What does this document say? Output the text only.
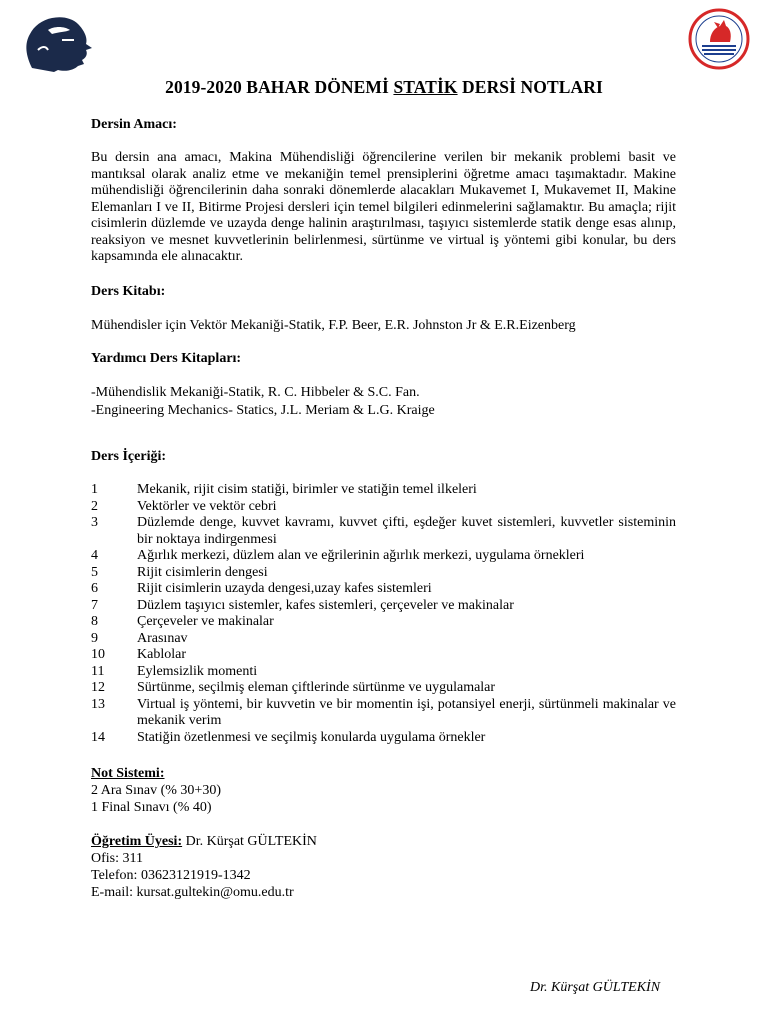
2019-2020 BAHAR DÖNEMİ STATİK DERSİ NOTLARI
Dersin Amacı:
Bu dersin ana amacı, Makina Mühendisliği öğrencilerine verilen bir mekanik problemi basit ve mantıksal olarak analiz etme ve mekaniğin temel prensiplerini öğretme amacı taşımaktadır. Makine mühendisliği öğrencilerinin daha sonraki dönemlerde alacakları Mukavemet I, Mukavemet II, Makine Elemanları I ve II, Bitirme Projesi dersleri için temel bilgileri edinmelerini sağlamaktır. Bu amaçla; rijit cisimlerin düzlemde ve uzayda denge halinin araştırılması, taşıyıcı sistemlerde statik denge esas alınıp, reaksiyon ve mesnet kuvvetlerinin belirlenmesi, sürtünme ve virtual iş yöntemi gibi konular, bu ders kapsamında ele alınacaktır.
Ders Kitabı:
Mühendisler için Vektör Mekaniği-Statik, F.P. Beer, E.R. Johnston Jr & E.R.Eizenberg
Yardımcı Ders Kitapları:
-Mühendislik Mekaniği-Statik, R. C. Hibbeler & S.C. Fan.
-Engineering Mechanics- Statics, J.L. Meriam & L.G. Kraige
Ders İçeriği:
1	Mekanik, rijit cisim statiği, birimler ve statiğin temel ilkeleri
2	Vektörler ve vektör cebri
3	Düzlemde denge, kuvvet kavramı, kuvvet çifti, eşdeğer kuvet sistemleri, kuvvetler sisteminin bir noktaya indirgenmesi
4	Ağırlık merkezi, düzlem alan ve eğrilerinin ağırlık merkezi, uygulama örnekleri
5	Rijit cisimlerin dengesi
6	Rijit cisimlerin uzayda dengesi,uzay kafes sistemleri
7	Düzlem taşıyıcı sistemler, kafes sistemleri, çerçeveler ve makinalar
8	Çerçeveler ve makinalar
9	Arasınav
10	Kablolar
11	Eylemsizlik momenti
12	Sürtünme, seçilmiş eleman çiftlerinde sürtünme ve uygulamalar
13	Virtual iş yöntemi, bir kuvvetin ve bir momentin işi, potansiyel enerji, sürtünmeli makinalar ve mekanik verim
14	Statiğin özetlenmesi ve seçilmiş konularda uygulama örnekler
Not Sistemi:
2 Ara Sınav (% 30+30)
1 Final Sınavı (% 40)
Öğretim Üyesi: Dr. Kürşat GÜLTEKİN
Ofis: 311
Telefon: 03623121919-1342
E-mail: kursat.gultekin@omu.edu.tr
Dr. Kürşat GÜLTEKİN
